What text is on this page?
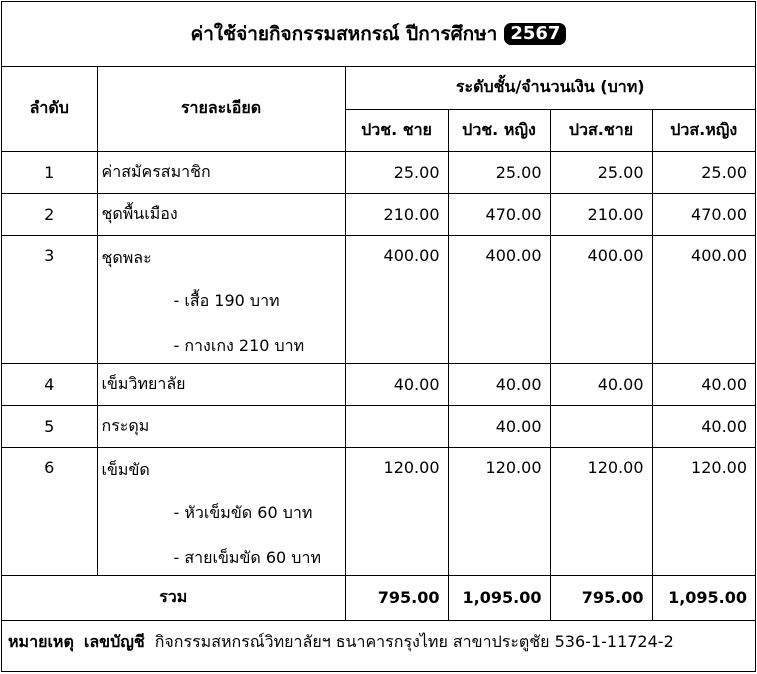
ค่าใช้จ่ายกิจกรรมสหกรณ์ ปีการศึกษา 2567
ลำดับ	รายละเอียด	ระดับชั้น/จำนวนเงิน (บาท)			
		ปวช. ชาย	ปวช. หญิง	ปวส.ชาย	ปวส.หญิง
1	ค่าสมัครสมาชิก	25.00	25.00	25.00	25.00
2	ชุดพื้นเมือง	210.00	470.00	210.00	470.00
3	ชุดพละ
- เสื้อ 190 บาท
- กางเกง 210 บาท	400.00	400.00	400.00	400.00
4	เข็มวิทยาลัย	40.00	40.00	40.00	40.00
5	กระดุม		40.00		40.00
6	เข็มขัด
- หัวเข็มขัด 60 บาท
- สายเข็มขัด 60 บาท	120.00	120.00	120.00	120.00
รวม		795.00	1,095.00	795.00	1,095.00
หมายเหตุ เลขบัญชี กิจกรรมสหกรณ์วิทยาลัยฯ ธนาคารกรุงไทย สาขาประตูชัย 536-1-11724-2
